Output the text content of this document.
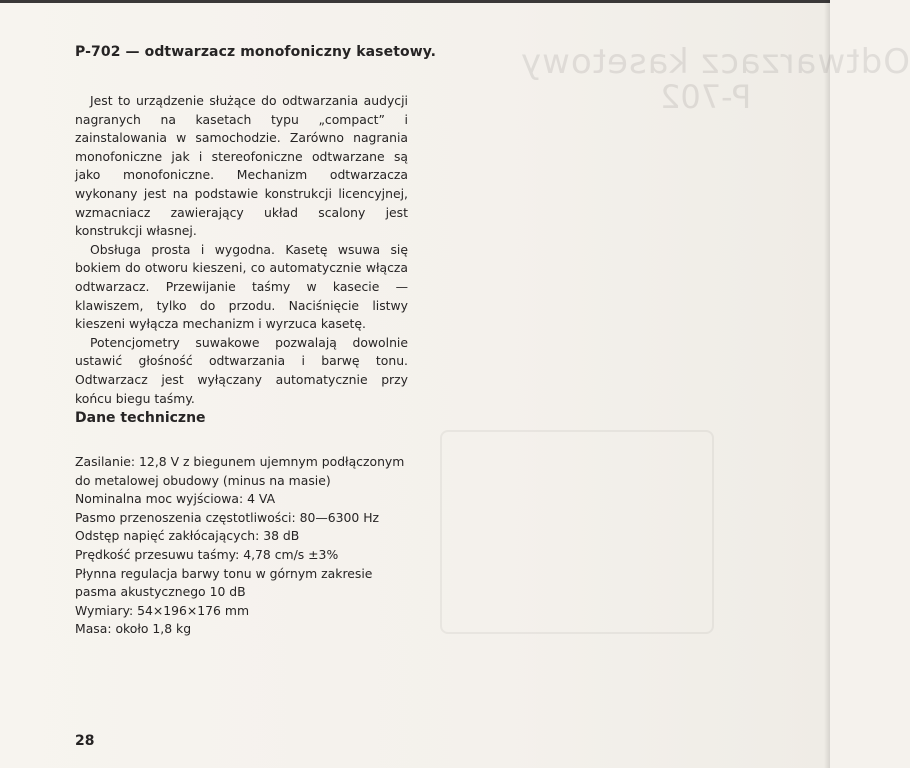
Odtwarzacz kasetowy
P-702
P-702 — odtwarzacz monofoniczny kasetowy.

Jest to urządzenie służące do odtwarzania audycji nagranych na kasetach typu „compact” i zainstalowania w samochodzie. Zarówno nagrania monofoniczne jak i stereofoniczne odtwarzane są jako monofoniczne. Mechanizm odtwarzacza wykonany jest na podstawie konstrukcji licencyjnej, wzmacniacz zawierający układ scalony jest konstrukcji własnej.

Obsługa prosta i wygodna. Kasetę wsuwa się bokiem do otworu kieszeni, co automatycznie włącza odtwarzacz. Przewijanie taśmy w kasecie — klawiszem, tylko do przodu. Naciśnięcie listwy kieszeni wyłącza mechanizm i wyrzuca kasetę.

Potencjometry suwakowe pozwalają dowolnie ustawić głośność odtwarzania i barwę tonu. Odtwarzacz jest wyłączany automatycznie przy końcu biegu taśmy.

Dane techniczne
Zasilanie: 12,8 V z biegunem ujemnym podłączonym do metalowej obudowy (minus na masie)
Nominalna moc wyjściowa: 4 VA
Pasmo przenoszenia częstotliwości: 80—6300 Hz
Odstęp napięć zakłócających: 38 dB
Prędkość przesuwu taśmy: 4,78 cm/s ±3%
Płynna regulacja barwy tonu w górnym zakresie pasma akustycznego 10 dB
Wymiary: 54×196×176 mm
Masa: około 1,8 kg
28
